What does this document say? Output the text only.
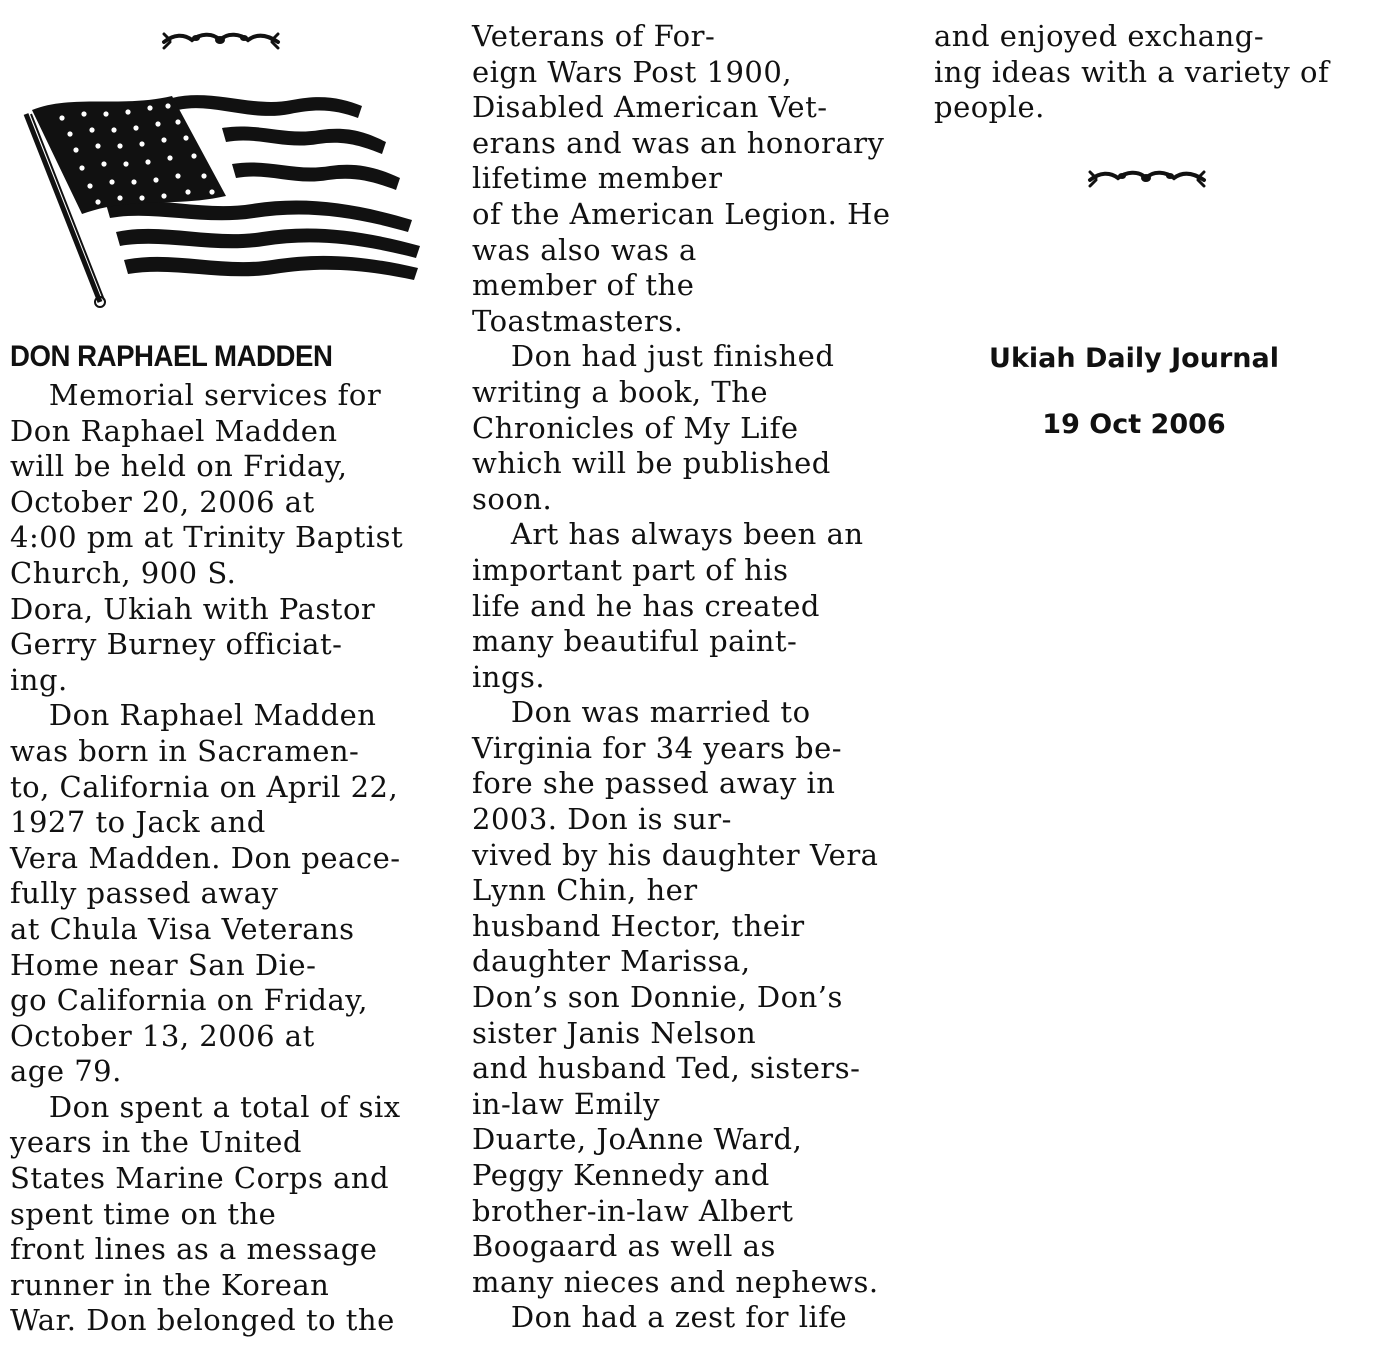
DON RAPHAEL MADDEN
Memorial services for
Don Raphael Madden
will be held on Friday,
October 20, 2006 at
4:00 pm at Trinity Baptist
Church, 900 S.
Dora, Ukiah with Pastor
Gerry Burney officiat-
ing.
Don Raphael Madden
was born in Sacramen-
to, California on April 22,
1927 to Jack and
Vera Madden. Don peace-
fully passed away
at Chula Visa Veterans
Home near San Die-
go California on Friday,
October 13, 2006 at
age 79.
Don spent a total of six
years in the United
States Marine Corps and
spent time on the
front lines as a message
runner in the Korean
War. Don belonged to the
Veterans of For-
eign Wars Post 1900,
Disabled American Vet-
erans and was an honorary
lifetime member
of the American Legion. He
was also was a
member of the
Toastmasters.
Don had just finished
writing a book, The
Chronicles of My Life
which will be published
soon.
Art has always been an
important part of his
life and he has created
many beautiful paint-
ings.
Don was married to
Virginia for 34 years be-
fore she passed away in
2003. Don is sur-
vived by his daughter Vera
Lynn Chin, her
husband Hector, their
daughter Marissa,
Don’s son Donnie, Don’s
sister Janis Nelson
and husband Ted, sisters-
in-law Emily
Duarte, JoAnne Ward,
Peggy Kennedy and
brother-in-law Albert
Boogaard as well as
many nieces and nephews.
Don had a zest for life
and enjoyed exchang-
ing ideas with a variety of
people.

Ukiah Daily Journal

19 Oct 2006
